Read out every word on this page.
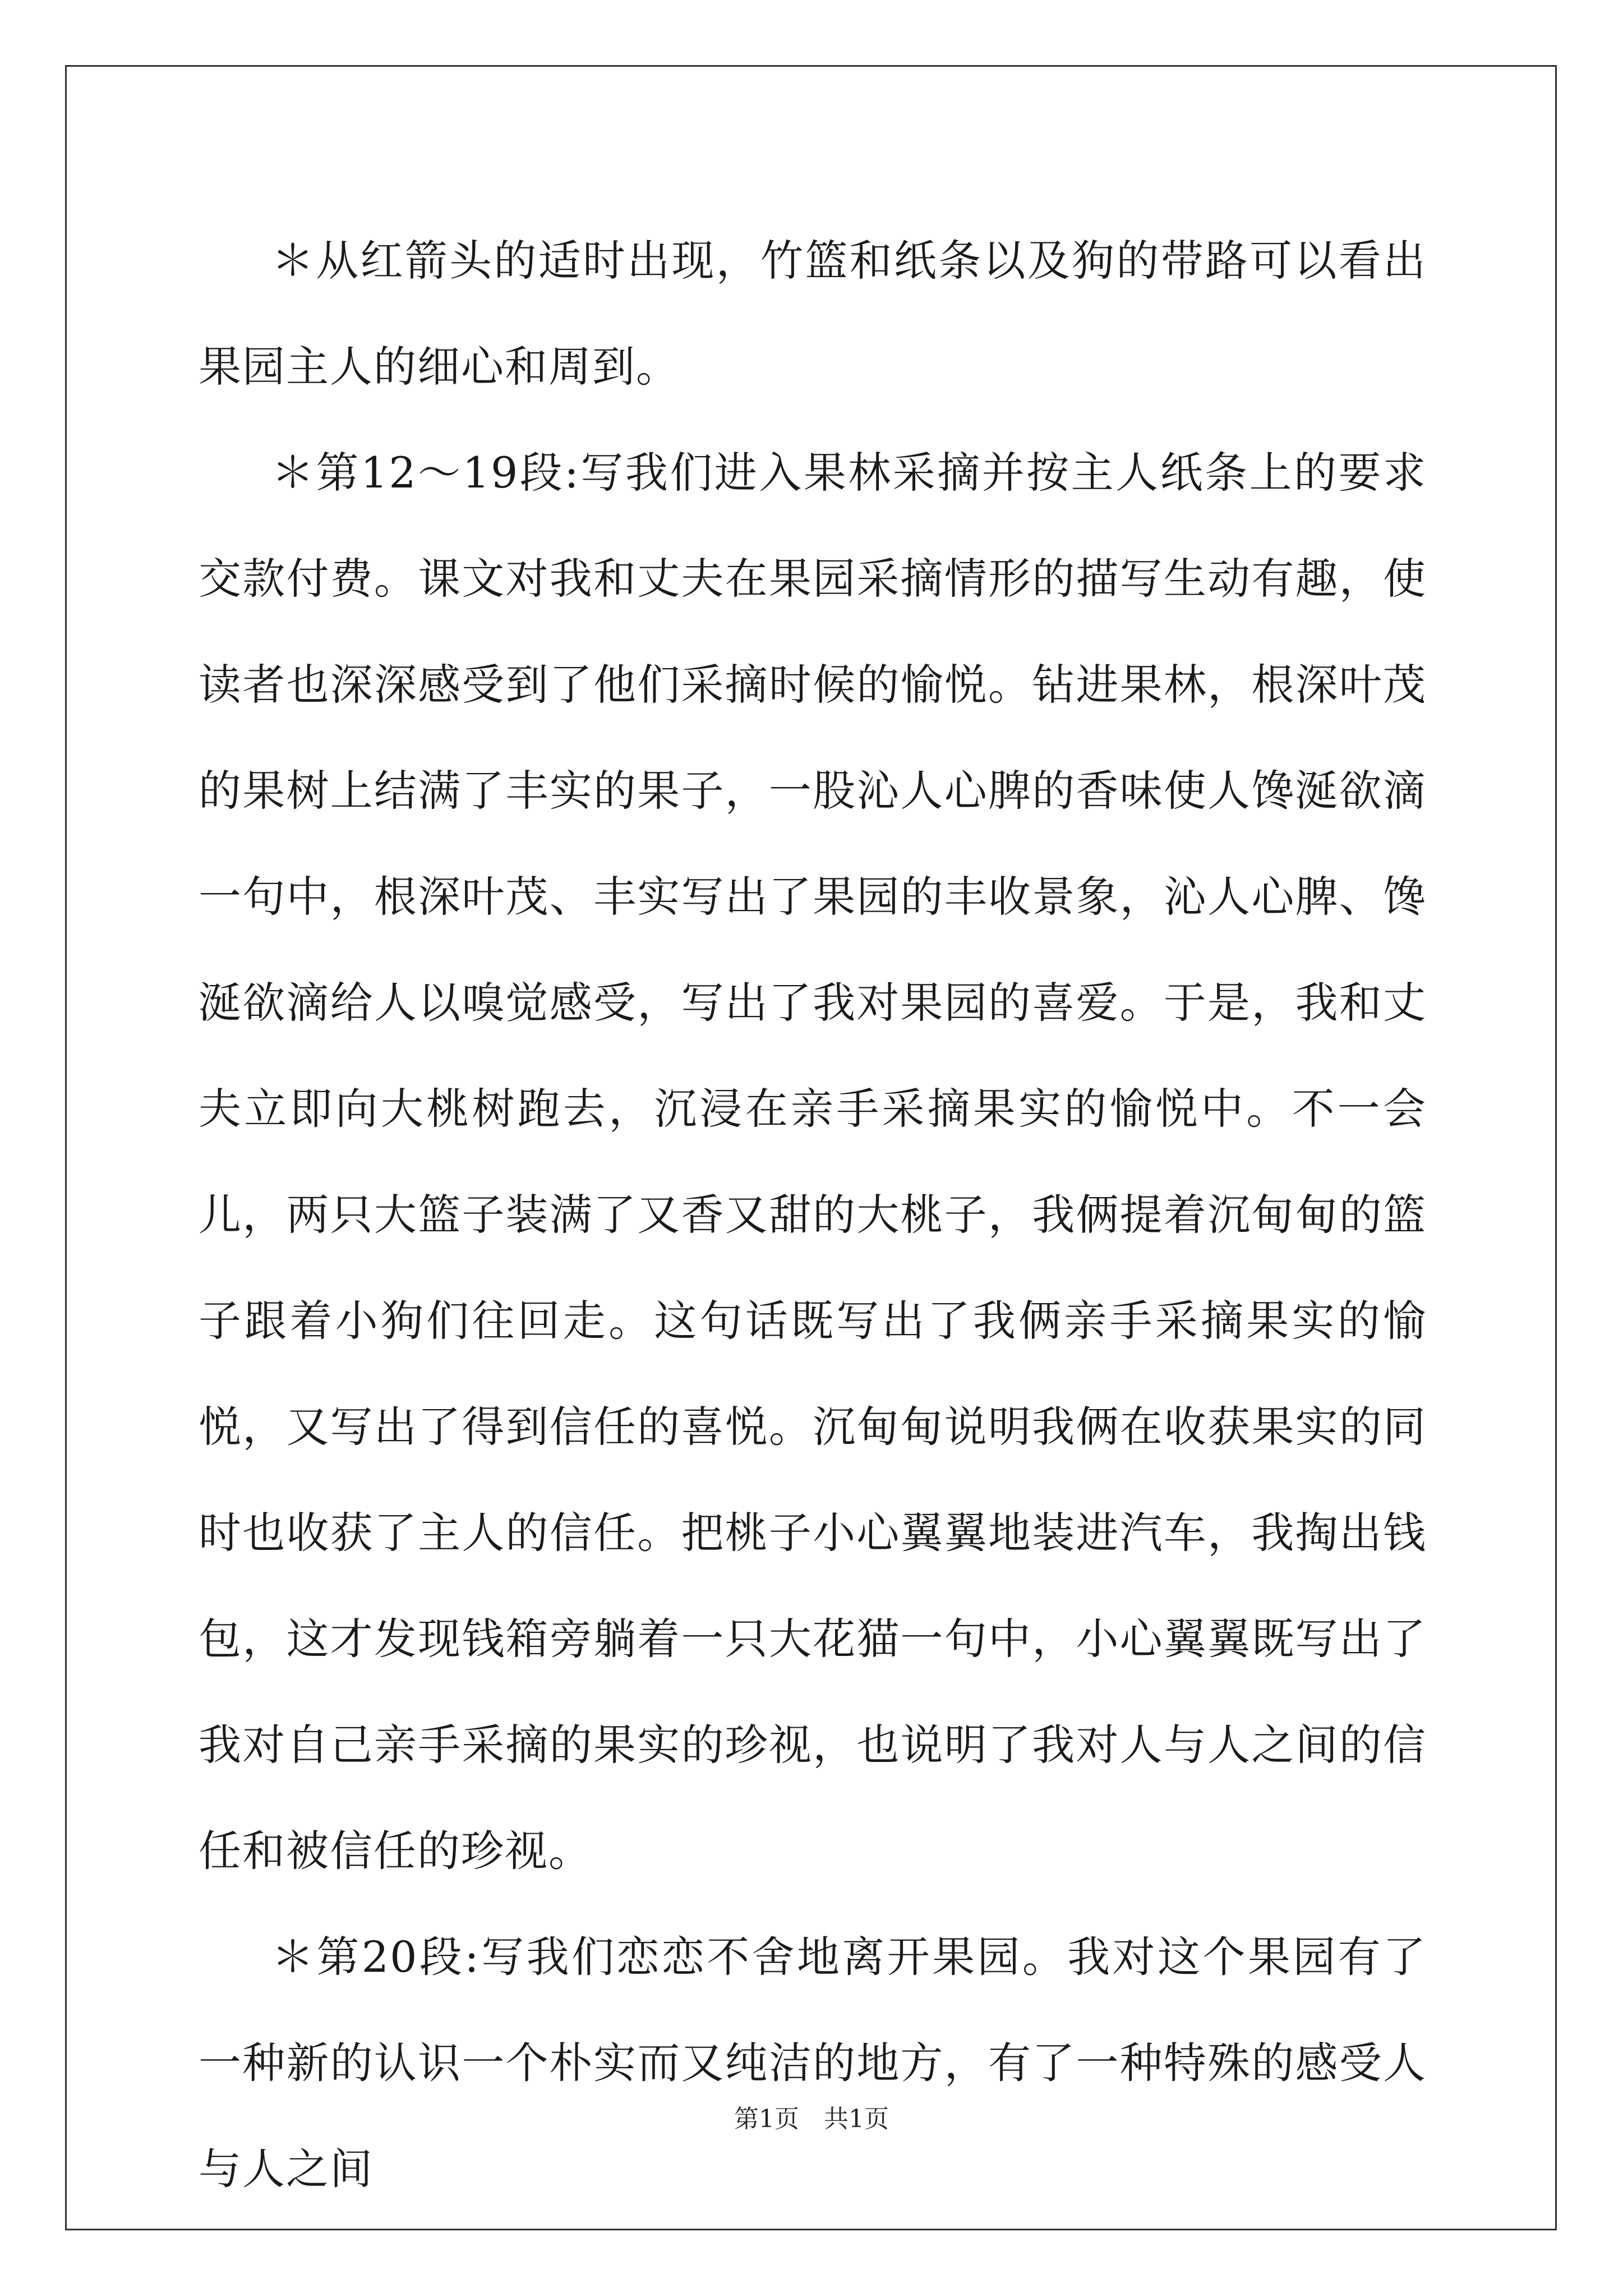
＊从红箭头的适时出现，竹篮和纸条以及狗的带路可以看出果园主人的细心和周到。

＊第12～19段:写我们进入果林采摘并按主人纸条上的要求交款付费。课文对我和丈夫在果园采摘情形的描写生动有趣，使读者也深深感受到了他们采摘时候的愉悦。钻进果林，根深叶茂的果树上结满了丰实的果子，一股沁人心脾的香味使人馋涎欲滴一句中，根深叶茂、丰实写出了果园的丰收景象，沁人心脾、馋涎欲滴给人以嗅觉感受，写出了我对果园的喜爱。于是，我和丈夫立即向大桃树跑去，沉浸在亲手采摘果实的愉悦中。不一会儿，两只大篮子装满了又香又甜的大桃子，我俩提着沉甸甸的篮子跟着小狗们往回走。这句话既写出了我俩亲手采摘果实的愉悦，又写出了得到信任的喜悦。沉甸甸说明我俩在收获果实的同时也收获了主人的信任。把桃子小心翼翼地装进汽车，我掏出钱包，这才发现钱箱旁躺着一只大花猫一句中，小心翼翼既写出了我对自己亲手采摘的果实的珍视，也说明了我对人与人之间的信任和被信任的珍视。

＊第20段:写我们恋恋不舍地离开果园。我对这个果园有了一种新的认识一个朴实而又纯洁的地方，有了一种特殊的感受人与人之间

第1页　共1页
